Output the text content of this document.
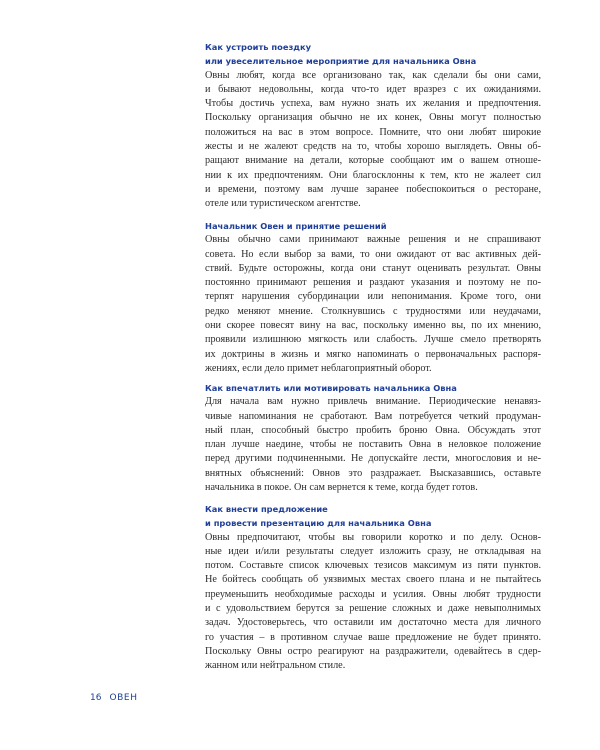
Как устроить поездку
или увеселительное мероприятие для начальника Овна
Овны любят, когда все организовано так, как сделали бы они сами,
и бывают недовольны, когда что-то идет вразрез с их ожиданиями.
Чтобы достичь успеха, вам нужно знать их желания и предпочтения.
Поскольку организация обычно не их конек, Овны могут полностью
положиться на вас в этом вопросе. Помните, что они любят широкие
жесты и не жалеют средств на то, чтобы хорошо выглядеть. Овны об-
ращают внимание на детали, которые сообщают им о вашем отноше-
нии к их предпочтениям. Они благосклонны к тем, кто не жалеет сил
и времени, поэтому вам лучше заранее побеспокоиться о ресторане,
отеле или туристическом агентстве.
Начальник Овен и принятие решений
Овны обычно сами принимают важные решения и не спрашивают
совета. Но если выбор за вами, то они ожидают от вас активных дей-
ствий. Будьте осторожны, когда они станут оценивать результат. Овны
постоянно принимают решения и раздают указания и поэтому не по-
терпят нарушения субординации или непонимания. Кроме того, они
редко меняют мнение. Столкнувшись с трудностями или неудачами,
они скорее повесят вину на вас, поскольку именно вы, по их мнению,
проявили излишнюю мягкость или слабость. Лучше смело претворять
их доктрины в жизнь и мягко напоминать о первоначальных распоря-
жениях, если дело примет неблагоприятный оборот.
Как впечатлить или мотивировать начальника Овна
Для начала вам нужно привлечь внимание. Периодические ненавяз-
чивые напоминания не сработают. Вам потребуется четкий продуман-
ный план, способный быстро пробить броню Овна. Обсуждать этот
план лучше наедине, чтобы не поставить Овна в неловкое положение
перед другими подчиненными. Не допускайте лести, многословия и не-
внятных объяснений: Овнов это раздражает. Высказавшись, оставьте
начальника в покое. Он сам вернется к теме, когда будет готов.
Как внести предложение
и провести презентацию для начальника Овна
Овны предпочитают, чтобы вы говорили коротко и по делу. Основ-
ные идеи и/или результаты следует изложить сразу, не откладывая на
потом. Составьте список ключевых тезисов максимум из пяти пунктов.
Не бойтесь сообщать об уязвимых местах своего плана и не пытайтесь
преуменьшить необходимые расходы и усилия. Овны любят трудности
и с удовольствием берутся за решение сложных и даже невыполнимых
задач. Удостоверьтесь, что оставили им достаточно места для личного
го участия – в противном случае ваше предложение не будет принято.
Поскольку Овны остро реагируют на раздражители, одевайтесь в сдер-
жанном или нейтральном стиле.
16 ОВЕН
